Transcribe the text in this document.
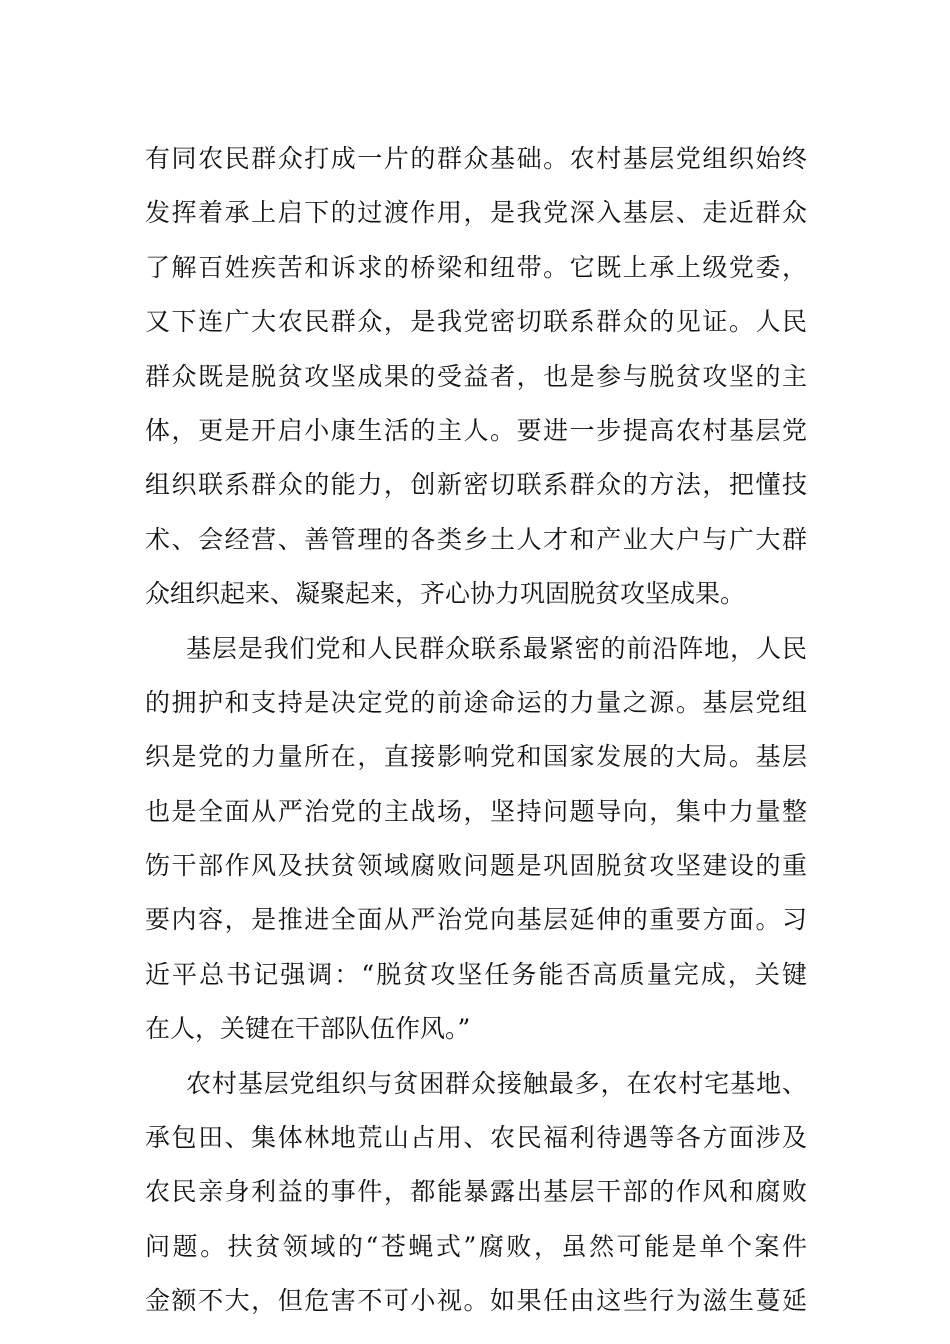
有同农民群众打成一片的群众基础。农村基层党组织始终
发挥着承上启下的过渡作用，是我党深入基层、走近群众
了解百姓疾苦和诉求的桥梁和纽带。它既上承上级党委，
又下连广大农民群众，是我党密切联系群众的见证。人民
群众既是脱贫攻坚成果的受益者，也是参与脱贫攻坚的主
体，更是开启小康生活的主人。要进一步提高农村基层党
组织联系群众的能力，创新密切联系群众的方法，把懂技
术、会经营、善管理的各类乡土人才和产业大户与广大群
众组织起来、凝聚起来，齐心协力巩固脱贫攻坚成果。
基层是我们党和人民群众联系最紧密的前沿阵地，人民
的拥护和支持是决定党的前途命运的力量之源。基层党组
织是党的力量所在，直接影响党和国家发展的大局。基层
也是全面从严治党的主战场，坚持问题导向，集中力量整
饬干部作风及扶贫领域腐败问题是巩固脱贫攻坚建设的重
要内容，是推进全面从严治党向基层延伸的重要方面。习
近平总书记强调：“脱贫攻坚任务能否高质量完成，关键
在人，关键在干部队伍作风。”
农村基层党组织与贫困群众接触最多，在农村宅基地、
承包田、集体林地荒山占用、农民福利待遇等各方面涉及
农民亲身利益的事件，都能暴露出基层干部的作风和腐败
问题。扶贫领域的“苍蝇式”腐败，虽然可能是单个案件
金额不大，但危害不可小视。如果任由这些行为滋生蔓延
